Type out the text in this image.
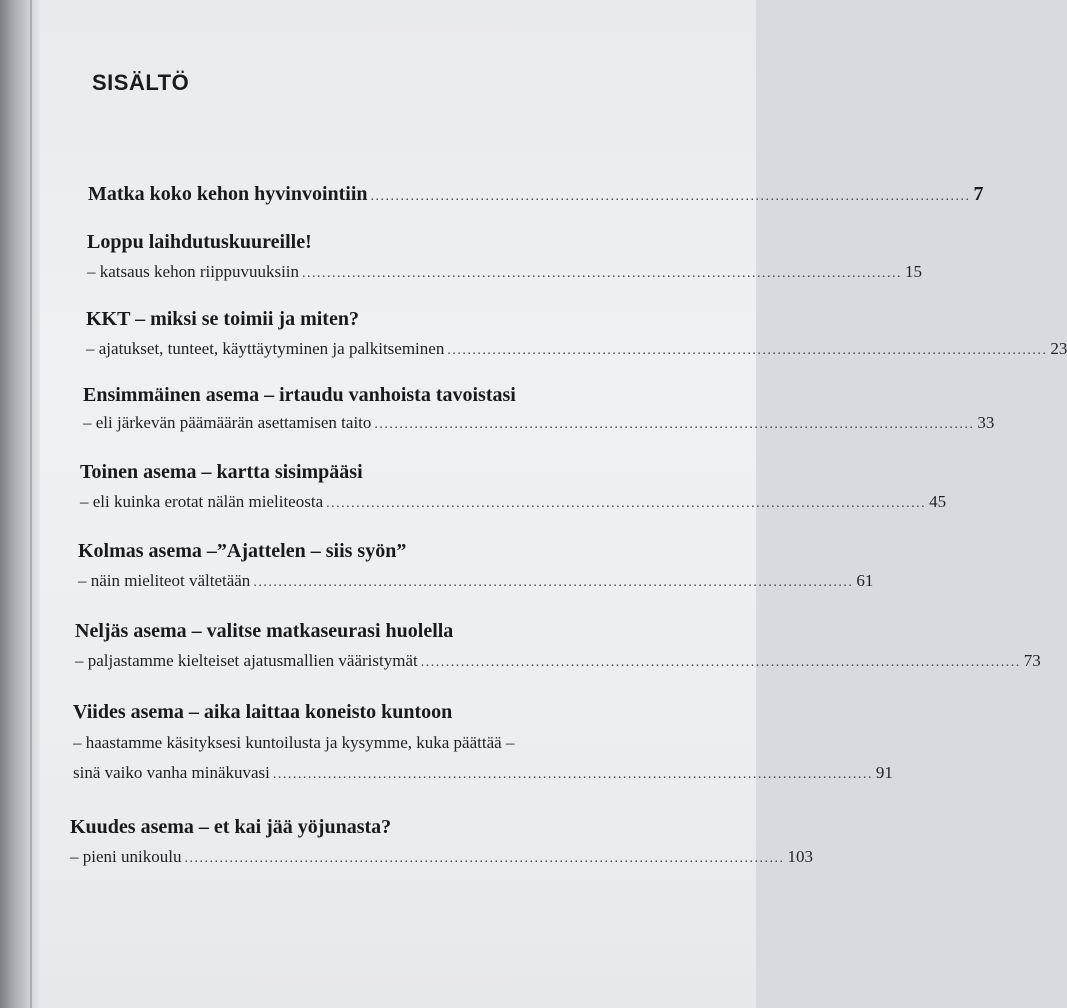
SISÄLTÖ
Matka koko kehon hyvinvointiin ........................................................................................................................ 7
Loppu laihdutuskuureille!
– katsaus kehon riippuvuuksiin ........................................................................................................................ 15
KKT – miksi se toimii ja miten?
– ajatukset, tunteet, käyttäytyminen ja palkitseminen ........................................................................................................................ 23
Ensimmäinen asema – irtaudu vanhoista tavoistasi
– eli järkevän päämäärän asettamisen taito ........................................................................................................................ 33
Toinen asema – kartta sisimpääsi
– eli kuinka erotat nälän mieliteosta ........................................................................................................................ 45
Kolmas asema –”Ajattelen – siis syön”
– näin mieliteot vältetään ........................................................................................................................ 61
Neljäs asema – valitse matkaseurasi huolella
– paljastamme kielteiset ajatusmallien vääristymät ........................................................................................................................ 73
Viides asema – aika laittaa koneisto kuntoon
– haastamme käsityksesi kuntoilusta ja kysymme, kuka päättää –
sinä vaiko vanha minäkuvasi ........................................................................................................................ 91
Kuudes asema – et kai jää yöjunasta?
– pieni unikoulu ........................................................................................................................ 103
